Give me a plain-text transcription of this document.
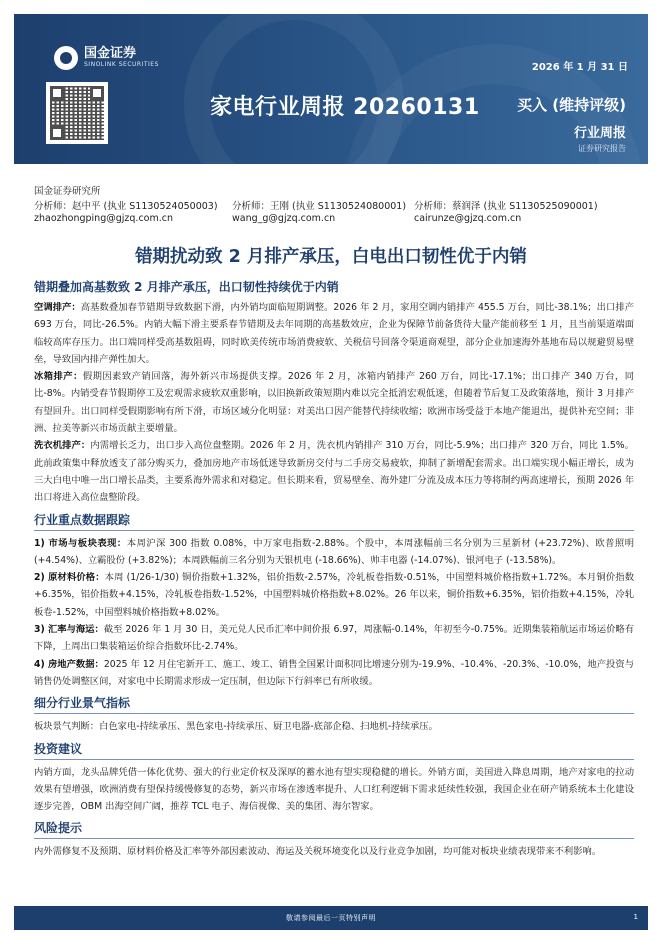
国金证券
SINOLINK SECURITIES	2026 年 1 月 31 日
家电行业周报 20260131 买入 (维持评级)
行业周报
证券研究报告
国金证券研究所
分析师：赵中平 (执业 S1130524050003) 分析师：王刚 (执业 S1130524080001) 分析师：蔡润泽 (执业 S1130525090001)
zhaozhongping@gjzq.com.cn	wang_g@gjzq.com.cn	cairunze@gjzq.com.cn
错期扰动致 2 月排产承压，白电出口韧性优于内销
错期叠加高基数致 2 月排产承压，出口韧性持续优于内销

空调排产：高基数叠加春节错期导致数据下滑，内外销均面临短期调整。2026 年 2 月，家用空调内销排产 455.5 万台，同比-38.1%；出口排产 693 万台，同比-26.5%。内销大幅下滑主要系春节错期及去年同期的高基数效应，企业为保障节前备货待大量产能前移至 1 月，且当前渠道端面临较高库存压力。出口端同样受高基数阻碍，同时欧美传统市场消费疲软、关税信号回落令渠道商观望，部分企业加速海外基地布局以规避贸易壁垒，导致国内排产弹性加大。

冰箱排产：假期因素致产销回落，海外新兴市场提供支撑。2026 年 2 月，冰箱内销排产 260 万台，同比-17.1%；出口排产 340 万台，同比-8%。内销受春节假期停工及宏观需求疲软双重影响，以旧换新政策短期内难以完全抵消宏观低迷，但随着节后复工及政策落地，预计 3 月排产有望回升。出口同样受假期影响有所下滑，市场区域分化明显：对美出口因产能替代持续收缩；欧洲市场受益于本地产能退出，提供补充空间；非洲、拉美等新兴市场贡献主要增量。

洗衣机排产：内需增长乏力，出口步入高位盘整期。2026 年 2 月，洗衣机内销排产 310 万台，同比-5.9%；出口排产 320 万台，同比 1.5%。此前政策集中释放透支了部分购买力，叠加房地产市场低迷导致新房交付与二手房交易疲软，抑制了新增配套需求。出口端实现小幅正增长，成为三大白电中唯一出口增长品类，主要系海外需求和对稳定。但长期来看，贸易壁垒、海外建厂分流及成本压力等将制约两高速增长，预期 2026 年出口将进入高位盘整阶段。

行业重点数据跟踪

1) 市场与板块表现：本周沪深 300 指数 0.08%，中万家电指数-2.88%。个股中，本周涨幅前三名分别为三星新材 (+23.72%)、欧普照明 (+4.54%)、立霸股份 (+3.82%)；本周跌幅前三名分别为天银机电 (-18.66%)、帅丰电器 (-14.07%)、银河电子 (-13.58%)。

2) 原材料价格：本周 (1/26-1/30) 铜价指数+1.32%，铝价指数-2.57%，冷轧板卷指数-0.51%，中国塑料城价格指数+1.72%。本月铜价指数+6.35%，铝价指数+4.15%，冷轧板卷指数-1.52%，中国塑料城价格指数+8.02%。26 年以来，铜价指数+6.35%，铝价指数+4.15%，冷轧板卷-1.52%，中国塑料城价格指数+8.02%。

3) 汇率与海运：截至 2026 年 1 月 30 日，美元兑人民币汇率中间价报 6.97，周涨幅-0.14%，年初至今-0.75%。近期集装箱航运市场运价略有下降，上周出口集装箱运价综合指数环比-2.74%。

4) 房地产数据：2025 年 12 月住宅新开工、施工、竣工、销售全国累计面积同比增速分别为-19.9%、-10.4%、-20.3%、-10.0%，地产投资与销售仍处调整区间，对家电中长期需求形成一定压制，但边际下行斜率已有所收缓。

细分行业景气指标

板块景气判断：白色家电-持续承压、黑色家电-持续承压、厨卫电器-底部企稳、扫地机-持续承压。

投资建议

内销方面，龙头品牌凭借一体化优势、强大的行业定价权及深厚的蓄水池有望实现稳健的增长。外销方面，美国进入降息周期，地产对家电的拉动效果有望增强，欧洲消费有望保持缓慢修复的态势，新兴市场在渗透率提升、人口红利逻辑下需求延续性较强，我国企业在研产销系统本土化建设逐步完善，OBM 出海空间广阔，推荐 TCL 电子、海信视像、美的集团、海尔智家。

风险提示

内外需修复不及预期、原材料价格及汇率等外部因素波动、海运及关税环境变化以及行业竞争加剧，均可能对板块业绩表现带来不利影响。

敬请参阅最后一页特别声明	1
